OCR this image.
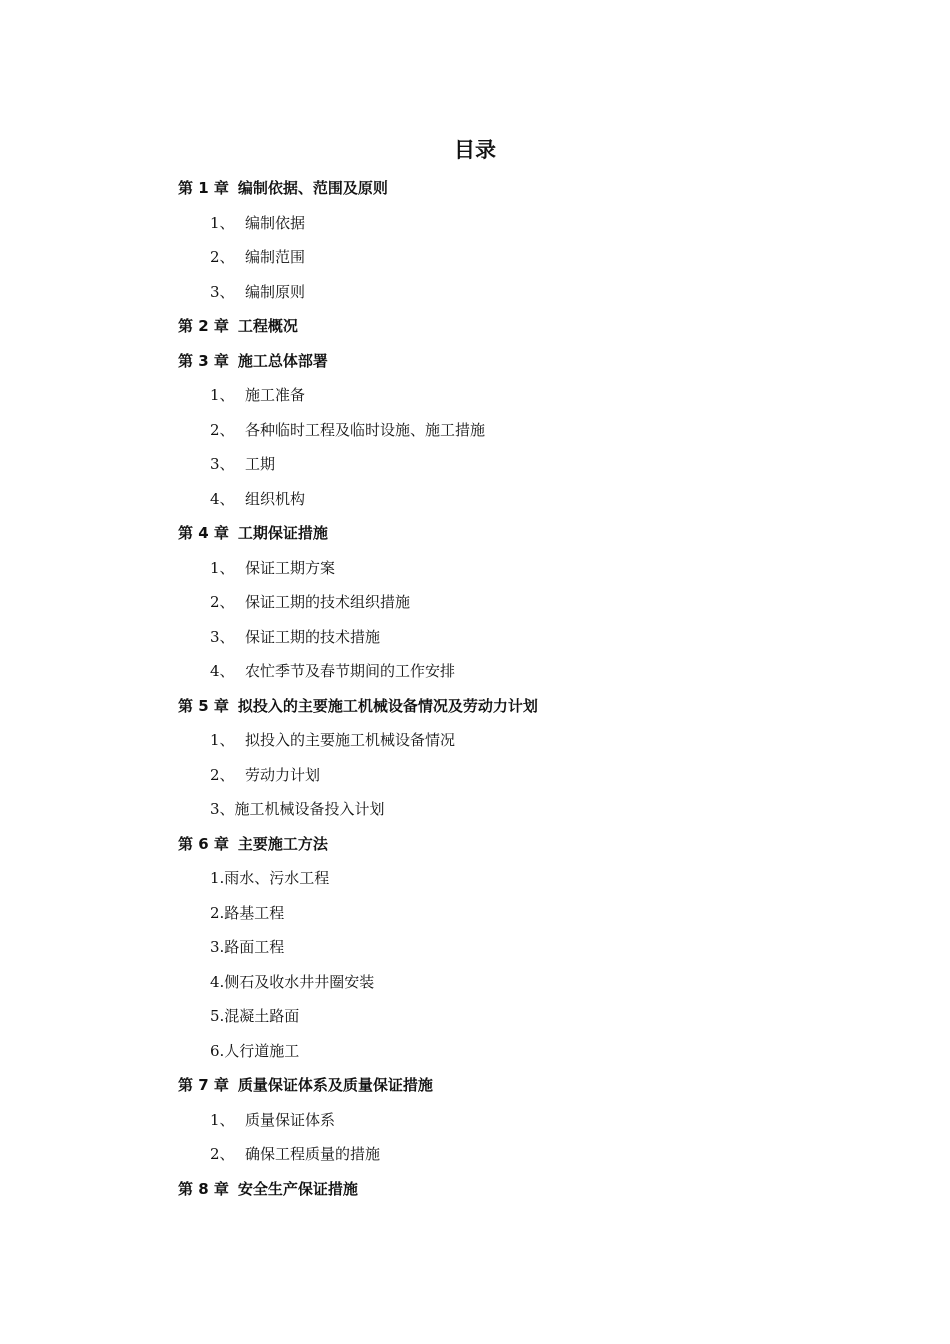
目录
第 1 章 编制依据、范围及原则
1、 编制依据
2、 编制范围
3、 编制原则
第 2 章 工程概况
第 3 章 施工总体部署
1、 施工准备
2、 各种临时工程及临时设施、施工措施
3、 工期
4、 组织机构
第 4 章 工期保证措施
1、 保证工期方案
2、 保证工期的技术组织措施
3、 保证工期的技术措施
4、 农忙季节及春节期间的工作安排
第 5 章 拟投入的主要施工机械设备情况及劳动力计划
1、 拟投入的主要施工机械设备情况
2、 劳动力计划
3、施工机械设备投入计划
第 6 章 主要施工方法
1.雨水、污水工程
2.路基工程
3.路面工程
4.侧石及收水井井圈安装
5.混凝土路面
6.人行道施工
第 7 章 质量保证体系及质量保证措施
1、 质量保证体系
2、 确保工程质量的措施
第 8 章 安全生产保证措施
